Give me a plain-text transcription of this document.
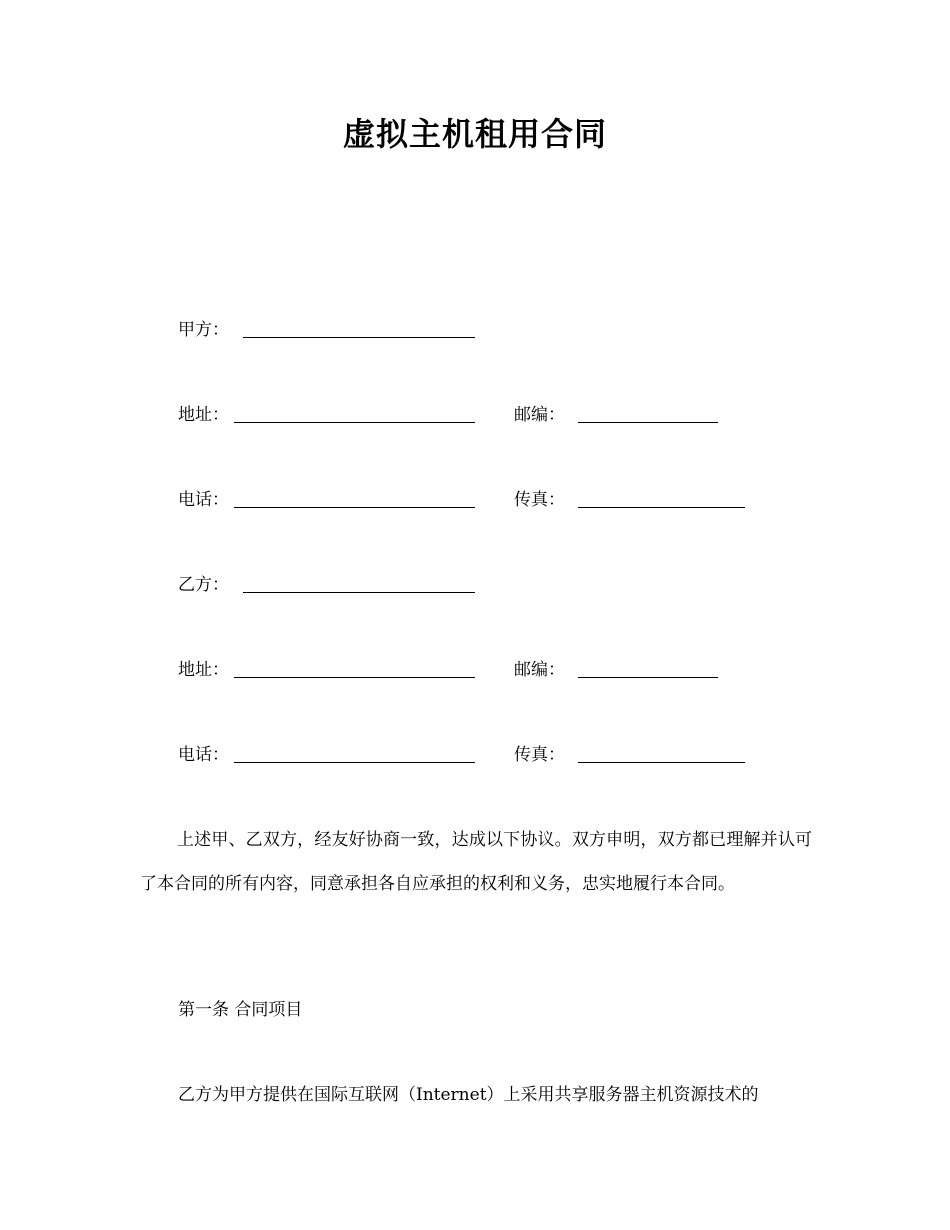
虚拟主机租用合同
甲方：
地址：	邮编：
电话：	传真：
乙方：
地址：	邮编：
电话：	传真：
上述甲、乙双方，经友好协商一致，达成以下协议。双方申明，双方都已理解并认可了本合同的所有内容，同意承担各自应承担的权利和义务，忠实地履行本合同。
第一条 合同项目
乙方为甲方提供在国际互联网（Internet）上采用共享服务器主机资源技术的
